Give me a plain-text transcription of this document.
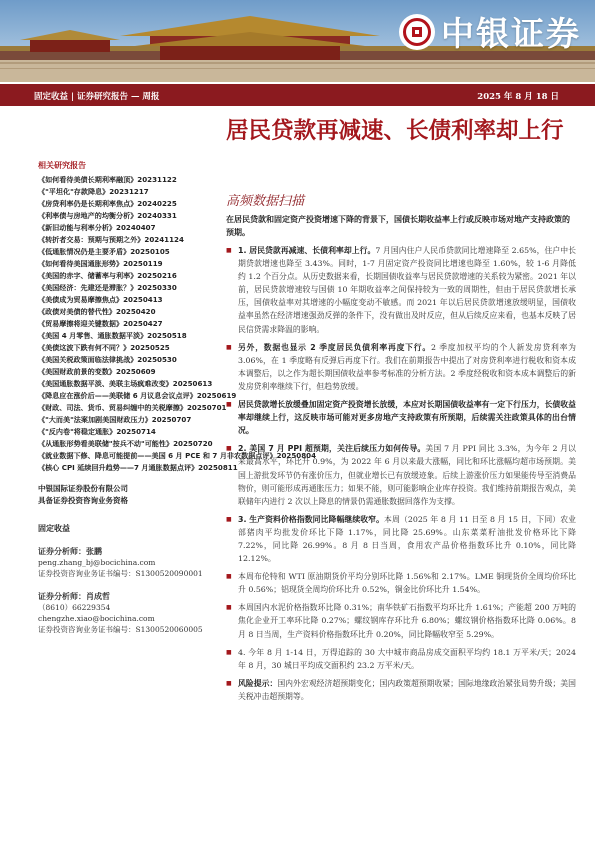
中银证券
固定收益 | 证券研究报告 — 周报	2025 年 8 月 18 日
居民贷款再减速、长债利率却上行
高频数据扫描
相关研究报告
《如何看待美债长期利率融顶》20231122
《"平坦化"存款降息》20231217
《房贷利率仍是长期利率焦点》20240225
《利率债与房地产的均衡分析》20240331
《新旧动能与利率分析》20240407
《转折者交易：预期与预期之外》20241124
《低通胀情况仍是主要矛盾》20250105
《如何看待美国通胀形势》20250119
《美国的赤字、储蓄率与利率》20250216
《美国经济：先建还是滞胀？》20250330
《美债成为贸易摩擦焦点》20250413
《政债对美债的替代性》20250420
《贸易摩擦将迎关键数据》20250427
《美国 4 月零售、通胀数据平淡》20250518
《美债这波下跌有何不同？》20250525
《美国关税政策面临法律挑战》20250530
《美国财政前景的变数》20250609
《美国通胀数据平淡、美联主场疯难改变》20250613
《降息应在涨价后——美联储 6 月议息会议点评》20250619
《财政、司法、货币、贸易纠缠中的关税摩擦》20250701
《"大而美"法案加剧美国财政压力》20250707
《"反内卷"将稳定通胀》20250714
《从通胀形势看美联储"按兵不动"可能性》20250720
《就业数据下修、降息可能提前——美国 6 月 PCE 和 7 月非农数据点评》20250804
《核心 CPI 延续回升趋势——7 月通胀数据点评》20250811
中银国际证券股份有限公司
具备证券投资咨询业务资格
固定收益
证券分析师：张鹏
peng.zhang_bj@bocichina.com
证券投资咨询业务证书编号：S1300520090001
证券分析师：肖成哲
（8610）66229354
chengzhe.xiao@bocichina.com
证券投资咨询业务证书编号：S1300520060005

在居民贷款和固定资产投资增速下降的背景下，国债长期收益率上行或反映市场对地产支持政策的预期。

■ 1. 居民贷款再减速、长债利率却上行。7 月国内住户人民币贷款同比增速降至 2.65%，住户中长期贷款增速也降至 3.43%。同时，1-7 月固定资产投资同比增速也降至 1.60%，较 1-6 月降低约 1.2 个百分点。从历史数据来看，长期国债收益率与居民贷款增速的关系较为紧密。2021 年以前，居民贷款增速较与国债 10 年期收益率之间保持较为一致的周期性，但由于居民贷款增长承压，国债收益率对其增速的小幅度变动不敏感。而 2021 年以后居民贷款增速放缓明显，国债收益率虽然在经济增速强劲反弹的条件下，没有做出及时反应，但从后续反应来看，也基本反映了居民信贷需求降温的影响。
■ 另外，数据也显示 2 季度居民负债利率再度下行。2 季度加权平均的个人新发房贷利率为 3.06%，在 1 季度略有反弹后再度下行。我们在前期报告中提出了对房贷利率进行税收和资本成本调整后，以之作为超长期国债收益率参考标准的分析方法。2 季度经税收和资本成本调整后的新发房贷利率继续下行，但趋势放缓。
■ 居民贷款增长放缓叠加固定资产投资增长放缓，本应对长期国债收益率有一定下行压力，长债收益率却继续上行，这反映市场可能对更多房地产支持政策有所预期，后续需关注政策具体的出台情况。
■ 2. 美国 7 月 PPI 超预期，关注后续压力如何传导。美国 7 月 PPI 同比 3.3%，为今年 2 月以来最高水平，环比升 0.9%，为 2022 年 6 月以来最大涨幅，同比和环比涨幅均超市场预期。美国上游批发环节仍有涨价压力，但就业增长已有放缓迹象。后续上游涨价压力如果能传导至消费品物价，则可能形成再通胀压力；如果不能，则可能影响企业库存投资。我们维持前期报告观点，美联储年内进行 2 次以上降息的情景仍需通胀数据回落作为支撑。
■ 3. 生产资料价格指数同比降幅继续收窄。本周（2025 年 8 月 11 日至 8 月 15 日，下同）农业部猪肉平均批发价环比下降 1.17%，同比降 25.69%。山东菜菜籽油批发价格环比下降 7.22%，同比降 26.99%。8 月 8 日当周，食用农产品价格指数环比升 0.10%，同比降 12.12%。
■ 本周布伦特和 WTI 原油期货价平均分别环比降 1.56%和 2.17%。LME 铜现货价全周均价环比升 0.56%；铝现货全周均价环比升 0.52%，铜金比价环比升 1.54%。
■ 本周国内水泥价格指数环比降 0.31%；南华铁矿石指数平均环比升 1.61%；产能超 200 万吨的焦化企业开工率环比降 0.27%；螺纹钢库存环比升 6.80%；螺纹钢价格指数环比降 0.06%。8 月 8 日当周，生产资料价格指数环比升 0.20%，同比降幅收窄至 5.29%。
■ 4. 今年 8 月 1-14 日，万得追踪的 30 大中城市商品房成交面积平均约 18.1 万平米/天；2024 年 8 月，30 城日平均成交面积约 23.2 万平米/天。
■ 风险提示：国内外宏观经济超预期变化；国内政策超预期收紧；国际地缘政治紧张局势升级；美国关税冲击超预期等。
